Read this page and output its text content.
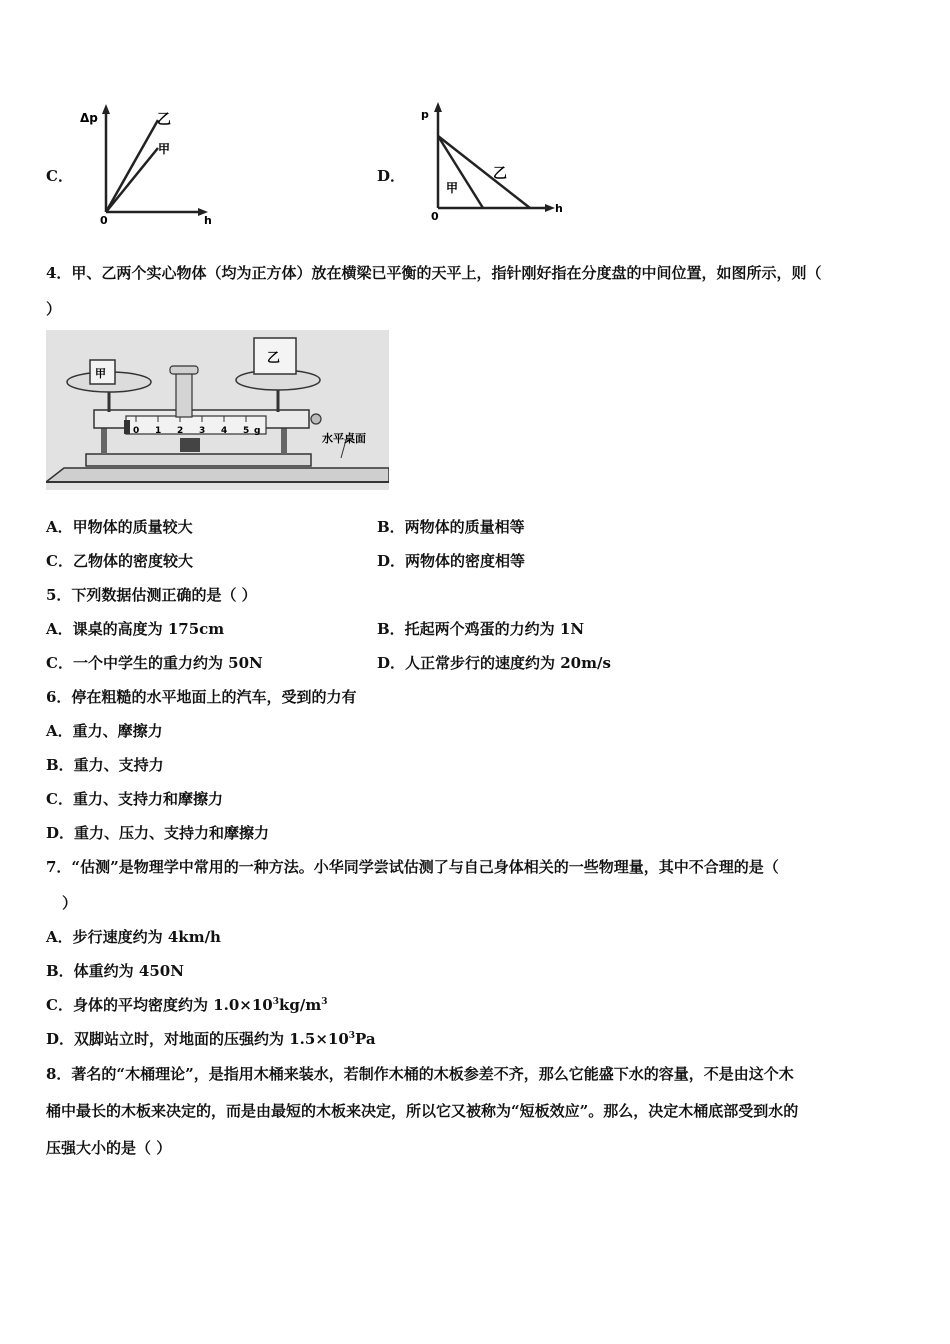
C．
Δp
h
0
乙
甲
D．
p
h
0
乙
甲
4．甲、乙两个实心物体（均为正方体）放在横梁已平衡的天平上，指针刚好指在分度盘的中间位置，如图所示，则（
）
0 1 2 3 4 5 g
甲
乙
水平桌面
A．甲物体的质量较大	B．两物体的质量相等
C．乙物体的密度较大	D．两物体的密度相等
5．下列数据估测正确的是（ ）
A．课桌的高度为 175cm	B．托起两个鸡蛋的力约为 1N
C．一个中学生的重力约为 50N	D．人正常步行的速度约为 20m/s
6．停在粗糙的水平地面上的汽车，受到的力有
A．重力、摩擦力
B．重力、支持力
C．重力、支持力和摩擦力
D．重力、压力、支持力和摩擦力
7．“估测”是物理学中常用的一种方法。小华同学尝试估测了与自己身体相关的一些物理量，其中不合理的是（
）
A．步行速度约为 4km/h
B．体重约为 450N
C．身体的平均密度约为 $1.0\times 10^3kg/m^3$
D．双脚站立时，对地面的压强约为 $1.5\times 10^3Pa$
8．著名的“木桶理论”，是指用木桶来装水，若制作木桶的木板参差不齐，那么它能盛下水的容量，不是由这个木
桶中最长的木板来决定的，而是由最短的木板来决定，所以它又被称为“短板效应”。那么，决定木桶底部受到水的
压强大小的是（ ）
